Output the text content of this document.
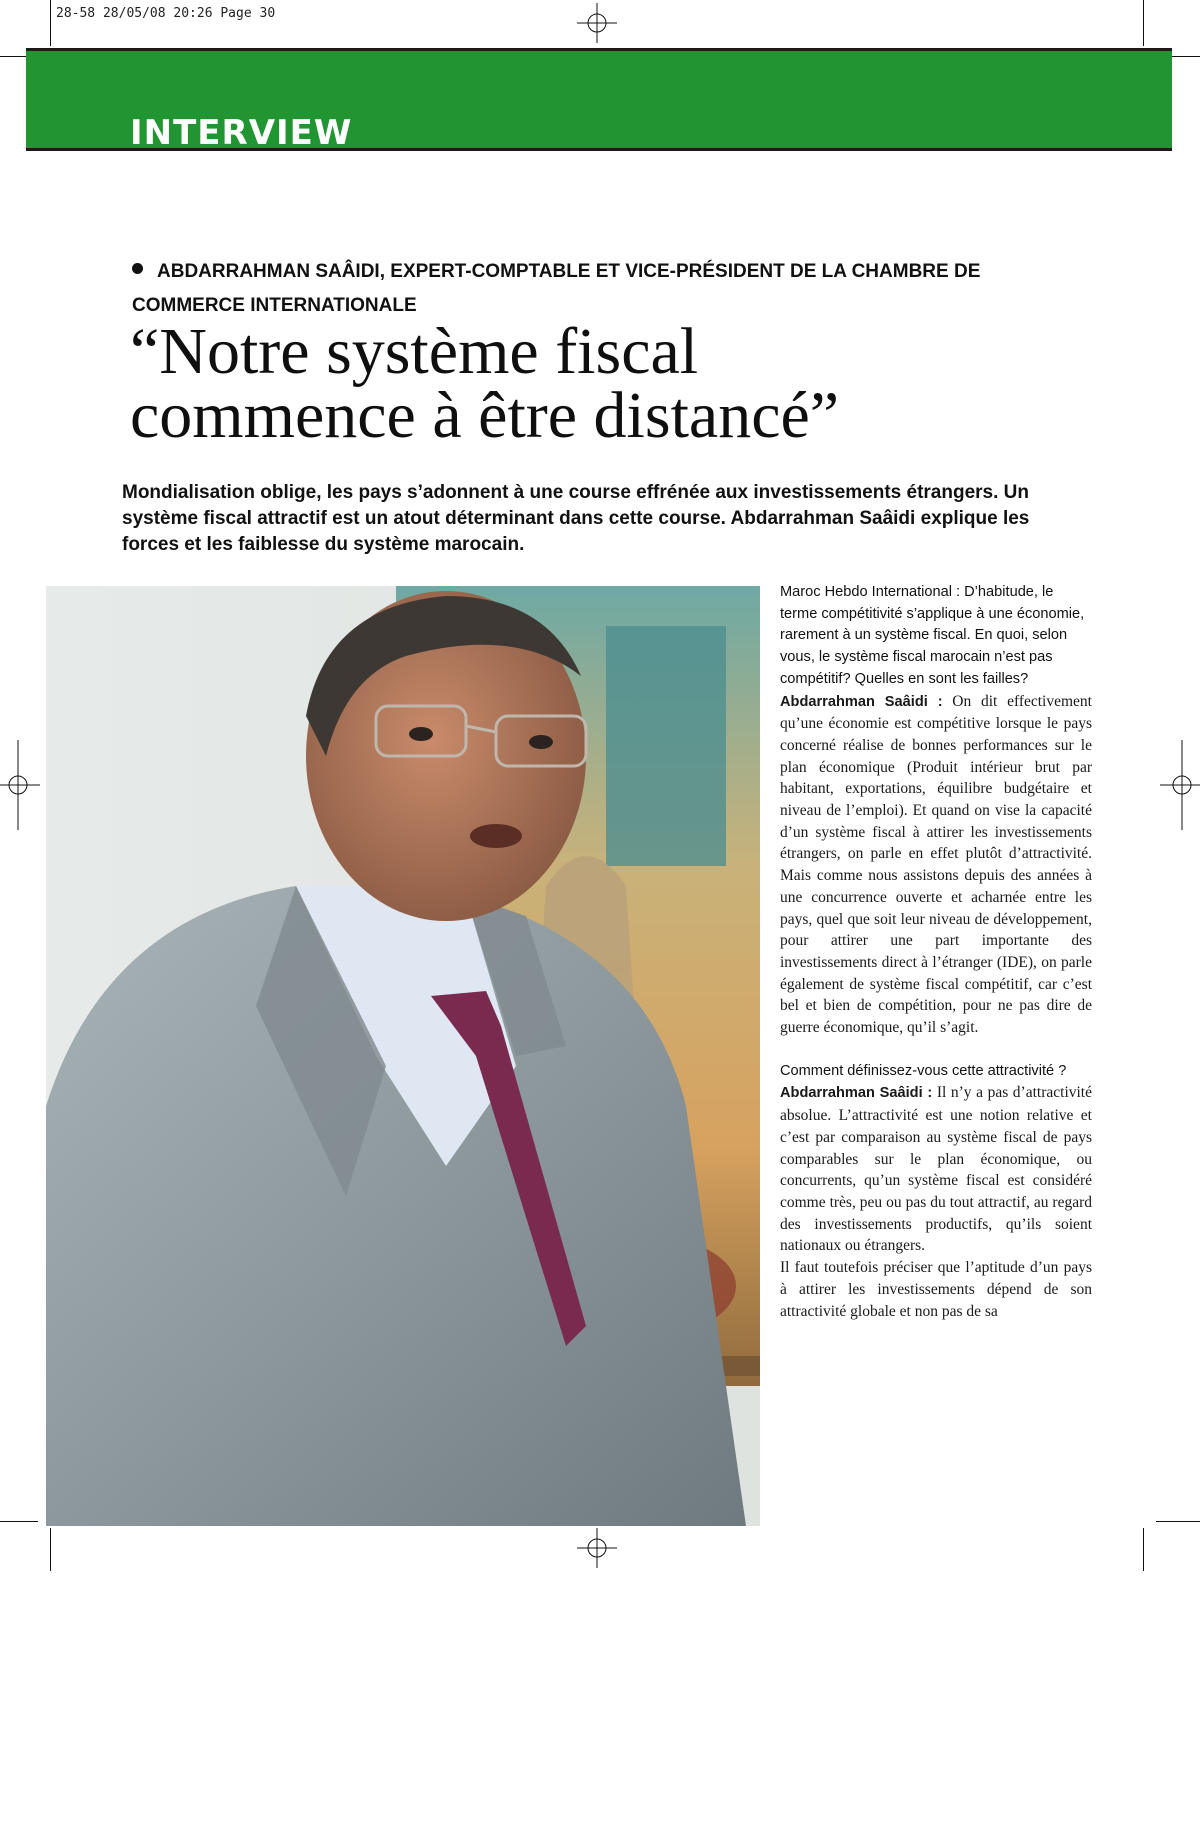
28-58 28/05/08 20:26 Page 30
INTERVIEW
ABDARRAHMAN SAÂIDI, EXPERT-COMPTABLE ET VICE-PRÉSIDENT DE LA CHAMBRE DE COMMERCE INTERNATIONALE
“Notre système fiscal
commence à être distancé”
Mondialisation oblige, les pays s’adonnent à une course effrénée aux investissements étrangers. Un système fiscal attractif est un atout déterminant dans cette course. Abdarrahman Saâidi explique les forces et les faiblesse du système marocain.
© MHI

Maroc Hebdo International : D’habitude, le terme compétitivité s’applique à une économie, rarement à un système fiscal. En quoi, selon vous, le système fiscal marocain n’est pas compétitif? Quelles en sont les failles?

Abdarrahman Saâidi : On dit effectivement qu’une économie est compétitive lorsque le pays concerné réalise de bonnes performances sur le plan économique (Produit intérieur brut par habitant, exportations, équilibre budgétaire et niveau de l’emploi). Et quand on vise la capacité d’un système fiscal à attirer les investissements étrangers, on parle en effet plutôt d’attractivité. Mais comme nous assistons depuis des années à une concurrence ouverte et acharnée entre les pays, quel que soit leur niveau de développement, pour attirer une part importante des investissements direct à l’étranger (IDE), on parle également de système fiscal compétitif, car c’est bel et bien de compétition, pour ne pas dire de guerre économique, qu’il s’agit.

Comment définissez-vous cette attractivité ?

Abdarrahman Saâidi : Il n’y a pas d’attractivité absolue. L’attractivité est une notion relative et c’est par comparaison au système fiscal de pays comparables sur le plan économique, ou concurrents, qu’un système fiscal est considéré comme très, peu ou pas du tout attractif, au regard des investissements productifs, qu’ils soient nationaux ou étrangers.

Il faut toutefois préciser que l’aptitude d’un pays à attirer les investissements dépend de son attractivité globale et non pas de sa
